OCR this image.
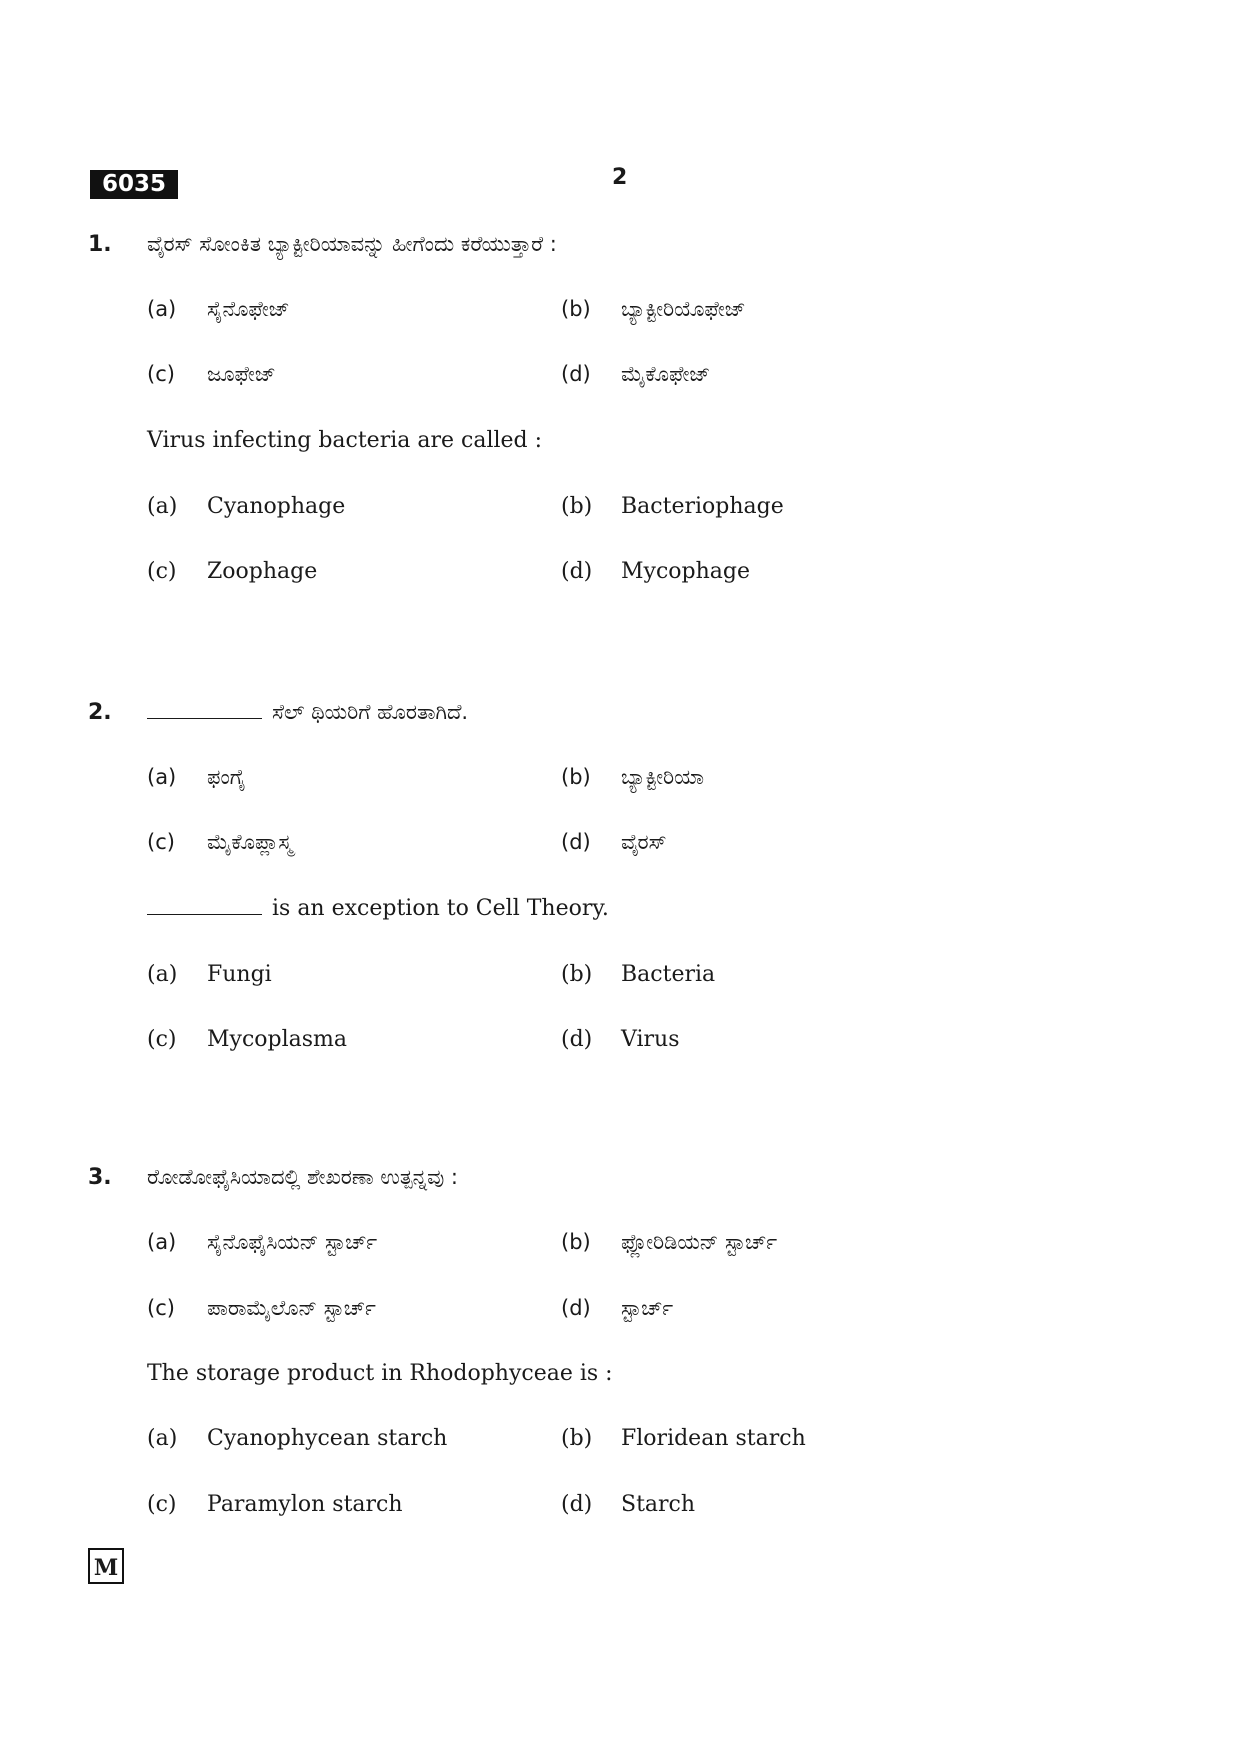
6035	2
1. ವೈರಸ್ ಸೋಂಕಿತ ಬ್ಯಾಕ್ಟೀರಿಯಾವನ್ನು ಹೀಗೆಂದು ಕರೆಯುತ್ತಾರೆ :
(a) ಸೈನೊಫೇಜ್	(b) ಬ್ಯಾಕ್ಟೀರಿಯೊಫೇಜ್
(c) ಜೂಫೇಜ್	(d) ಮೈಕೊಫೇಜ್
Virus infecting bacteria are called :
(a) Cyanophage	(b) Bacteriophage
(c) Zoophage	(d) Mycophage
2.	ಸೆಲ್ ಥಿಯರಿಗೆ ಹೊರತಾಗಿದೆ.
(a) ಫಂಗೈ	(b) ಬ್ಯಾಕ್ಟೀರಿಯಾ
(c) ಮೈಕೊಪ್ಲಾಸ್ಮ	(d) ವೈರಸ್
is an exception to Cell Theory.
(a) Fungi	(b) Bacteria
(c) Mycoplasma	(d) Virus
3. ರೋಡೋಫೈಸಿಯಾದಲ್ಲಿ ಶೇಖರಣಾ ಉತ್ಪನ್ನವು :
(a) ಸೈನೊಫೈಸಿಯನ್ ಸ್ಟಾರ್ಚ್	(b) ಫ್ಲೋರಿಡಿಯನ್ ಸ್ಟಾರ್ಚ್
(c) ಪಾರಾಮೈಲೊನ್ ಸ್ಟಾರ್ಚ್	(d) ಸ್ಟಾರ್ಚ್
The storage product in Rhodophyceae is :
(a) Cyanophycean starch	(b) Floridean starch
(c) Paramylon starch	(d) Starch
M
